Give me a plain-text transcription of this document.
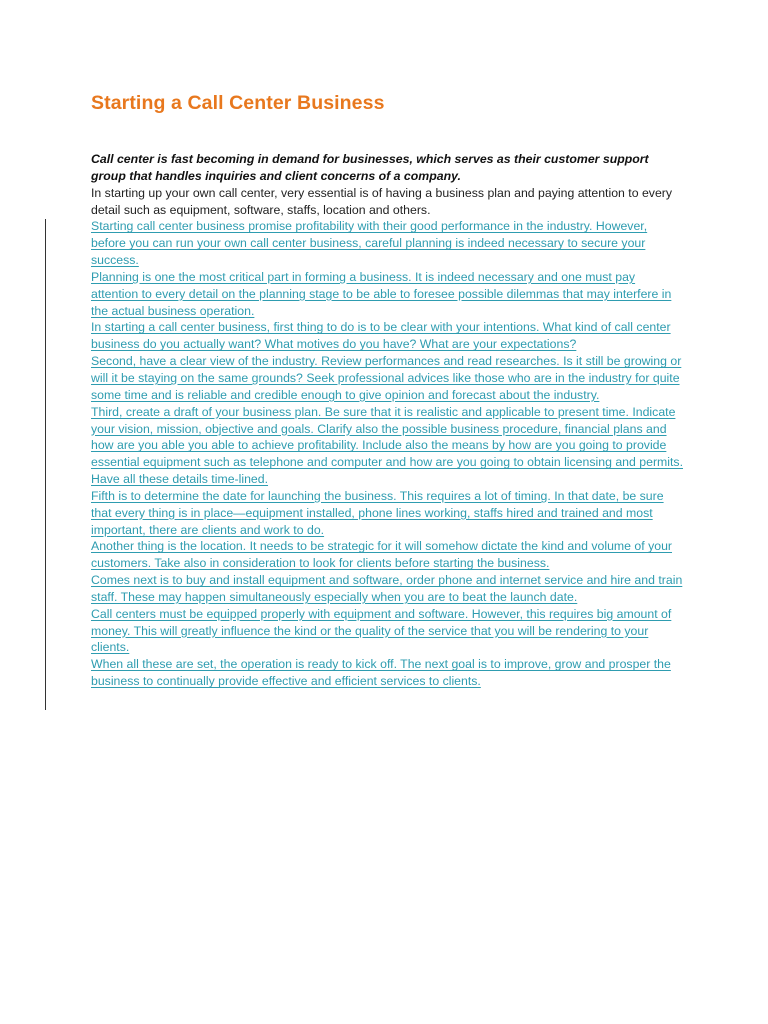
Starting a Call Center Business

Call center is fast becoming in demand for businesses, which serves as their customer support group that handles inquiries and client concerns of a company.

In starting up your own call center, very essential is of having a business plan and paying attention to every detail such as equipment, software, staffs, location and others.

Starting call center business promise profitability with their good performance in the industry. However, before you can run your own call center business, careful planning is indeed necessary to secure your success.

Planning is one the most critical part in forming a business. It is indeed necessary and one must pay attention to every detail on the planning stage to be able to foresee possible dilemmas that may interfere in the actual business operation.

In starting a call center business, first thing to do is to be clear with your intentions. What kind of call center business do you actually want? What motives do you have? What are your expectations?

Second, have a clear view of the industry. Review performances and read researches. Is it still be growing or will it be staying on the same grounds? Seek professional advices like those who are in the industry for quite some time and is reliable and credible enough to give opinion and forecast about the industry.

Third, create a draft of your business plan. Be sure that it is realistic and applicable to present time. Indicate your vision, mission, objective and goals. Clarify also the possible business procedure, financial plans and how are you able you able to achieve profitability. Include also the means by how are you going to provide essential equipment such as telephone and computer and how are you going to obtain licensing and permits. Have all these details time-lined.

Fifth is to determine the date for launching the business. This requires a lot of timing. In that date, be sure that every thing is in place—equipment installed, phone lines working, staffs hired and trained and most important, there are clients and work to do.

Another thing is the location. It needs to be strategic for it will somehow dictate the kind and volume of your customers. Take also in consideration to look for clients before starting the business.

Comes next is to buy and install equipment and software, order phone and internet service and hire and train staff. These may happen simultaneously especially when you are to beat the launch date.

Call centers must be equipped properly with equipment and software. However, this requires big amount of money. This will greatly influence the kind or the quality of the service that you will be rendering to your clients.

When all these are set, the operation is ready to kick off. The next goal is to improve, grow and prosper the business to continually provide effective and efficient services to clients.
